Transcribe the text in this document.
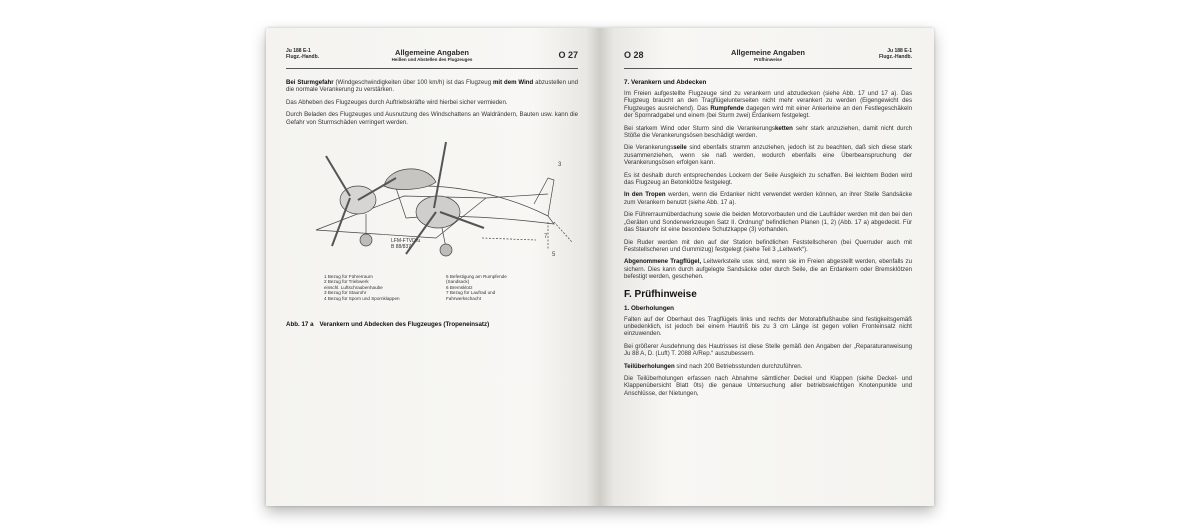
Ju 188 E-1
Flugz.-Handb.	Allgemeine Angaben
Heißen und Abstellen des Flugzeuges	O 27

Bei Sturmgefahr (Windgeschwindigkeiten über 100 km/h) ist das Flugzeug mit dem Wind abzustellen und die normale Verankerung zu verstärken.

Das Abheben des Flugzeuges durch Auftriebskräfte wird hierbei sicher vermieden.

Durch Beladen des Flugzeuges und Ausnutzung des Windschattens an Waldrändern, Bauten usw. kann die Gefahr von Sturmschäden verringert werden.

3
7
5
LFM-FTVDru
B 88/837
1 Bezug für Führerraum
2 Bezug für Triebwerk
einschl. Luftschraubenhaube
3 Bezug für Staurohr
4 Bezug für Sporn und Spornklappen
5 Befestigung am Rumpfende
(Sandsack)
6 Bremsklotz
7 Bezug für Laufrad und
Fahrwerkschacht
Abb. 17 a Verankern und Abdecken des Flugzeuges (Tropeneinsatz)
O 28	Allgemeine Angaben
Prüfhinweise
Ju 188 E-1
Flugz.-Handb.
7. Verankern und Abdecken

Im Freien aufgestellte Flugzeuge sind zu verankern und abzudecken (siehe Abb. 17 und 17 a). Das Flugzeug braucht an den Tragflügelunterseiten nicht mehr verankert zu werden (Eigengewicht des Flugzeuges ausreichend). Das Rumpfende dagegen wird mit einer Ankerleine an den Festlegeschäkeln der Spornradgabel und einem (bei Sturm zwei) Erdankern festgelegt.

Bei starkem Wind oder Sturm sind die Verankerungsketten sehr stark anzuziehen, damit nicht durch Stöße die Verankerungsösen beschädigt werden.

Die Verankerungsseile sind ebenfalls stramm anzuziehen, jedoch ist zu beachten, daß sich diese stark zusammenziehen, wenn sie naß werden, wodurch ebenfalls eine Überbeanspruchung der Verankerungsösen erfolgen kann.

Es ist deshalb durch entsprechendes Lockern der Seile Ausgleich zu schaffen. Bei leichtem Boden wird das Flugzeug an Betonklötze festgelegt.

In den Tropen werden, wenn die Erdanker nicht verwendet werden können, an ihrer Stelle Sandsäcke zum Verankern benutzt (siehe Abb. 17 a).

Die Führerraumüberdachung sowie die beiden Motorvorbauten und die Laufräder werden mit den bei den „Geräten und Sonderwerkzeugen Satz II. Ordnung“ befindlichen Planen (1, 2) (Abb. 17 a) abgedeckt. Für das Staurohr ist eine besondere Schutzkappe (3) vorhanden.

Die Ruder werden mit den auf der Station befindlichen Feststellscheren (bei Querruder auch mit Feststellscheren und Gummizug) festgelegt (siehe Teil 3 „Leitwerk“).

Abgenommene Tragflügel, Leitwerksteile usw. sind, wenn sie im Freien abgestellt werden, ebenfalls zu sichern. Dies kann durch aufgelegte Sandsäcke oder durch Seile, die an Erdankern oder Bremsklötzen befestigt werden, geschehen.

F. Prüfhinweise
1. Oberholungen

Falten auf der Oberhaut des Tragflügels links und rechts der Motorabflußhaube sind festigkeitsgemäß unbedenklich, ist jedoch bei einem Hautriß bis zu 3 cm Länge ist gegen vollen Fronteinsatz nicht einzuwenden.

Bei größerer Ausdehnung des Hautrisses ist diese Stelle gemäß den Angaben der „Reparaturanweisung Ju 88 A, D. (Luft) T. 2088 A/Rep.“ auszubessern.

Teilüberholungen sind nach 200 Betriebsstunden durchzuführen.

Die Teilüberholungen erfassen nach Abnahme sämtlicher Deckel und Klappen (siehe Deckel- und Klappenübersicht Blatt 0ts) die genaue Untersuchung aller betriebswichtigen Knotenpunkte und Anschlüsse, der Nietungen,
